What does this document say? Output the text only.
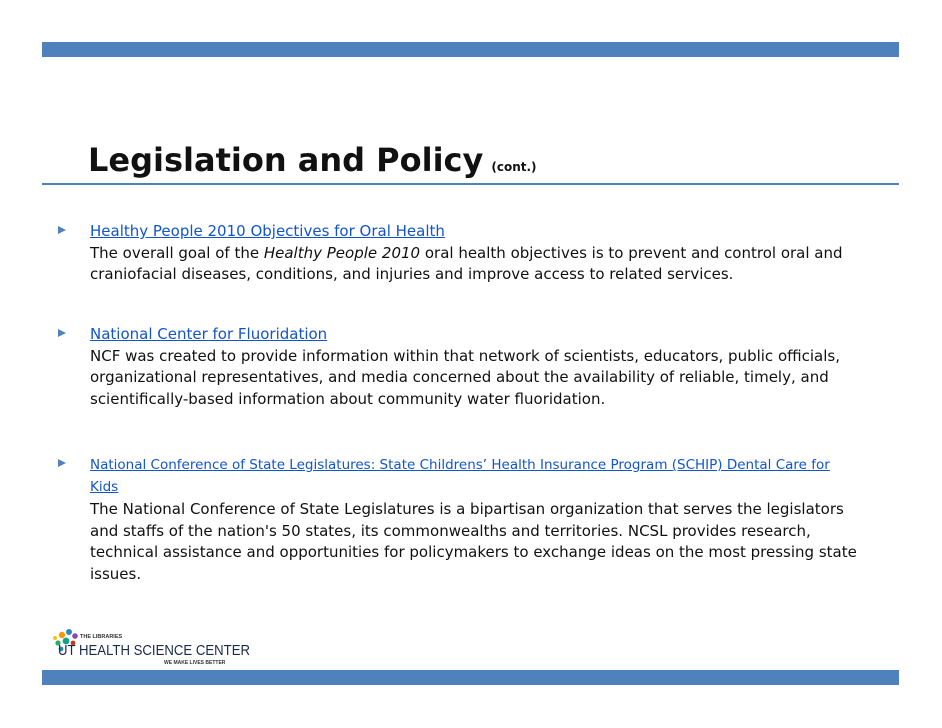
Legislation and Policy (cont.)
Healthy People 2010 Objectives for Oral Health
The overall goal of the Healthy People 2010 oral health objectives is to prevent and control oral and craniofacial diseases, conditions, and injuries and improve access to related services.
National Center for Fluoridation
NCF was created to provide information within that network of scientists, educators, public officials, organizational representatives, and media concerned about the availability of reliable, timely, and scientifically-based information about community water fluoridation.
National Conference of State Legislatures: State Childrens’ Health Insurance Program (SCHIP) Dental Care for Kids
The National Conference of State Legislatures is a bipartisan organization that serves the legislators and staffs of the nation's 50 states, its commonwealths and territories. NCSL provides research, technical assistance and opportunities for policymakers to exchange ideas on the most pressing state issues.
THE LIBRARIES
UT HEALTH SCIENCE CENTER
WE MAKE LIVES BETTER
